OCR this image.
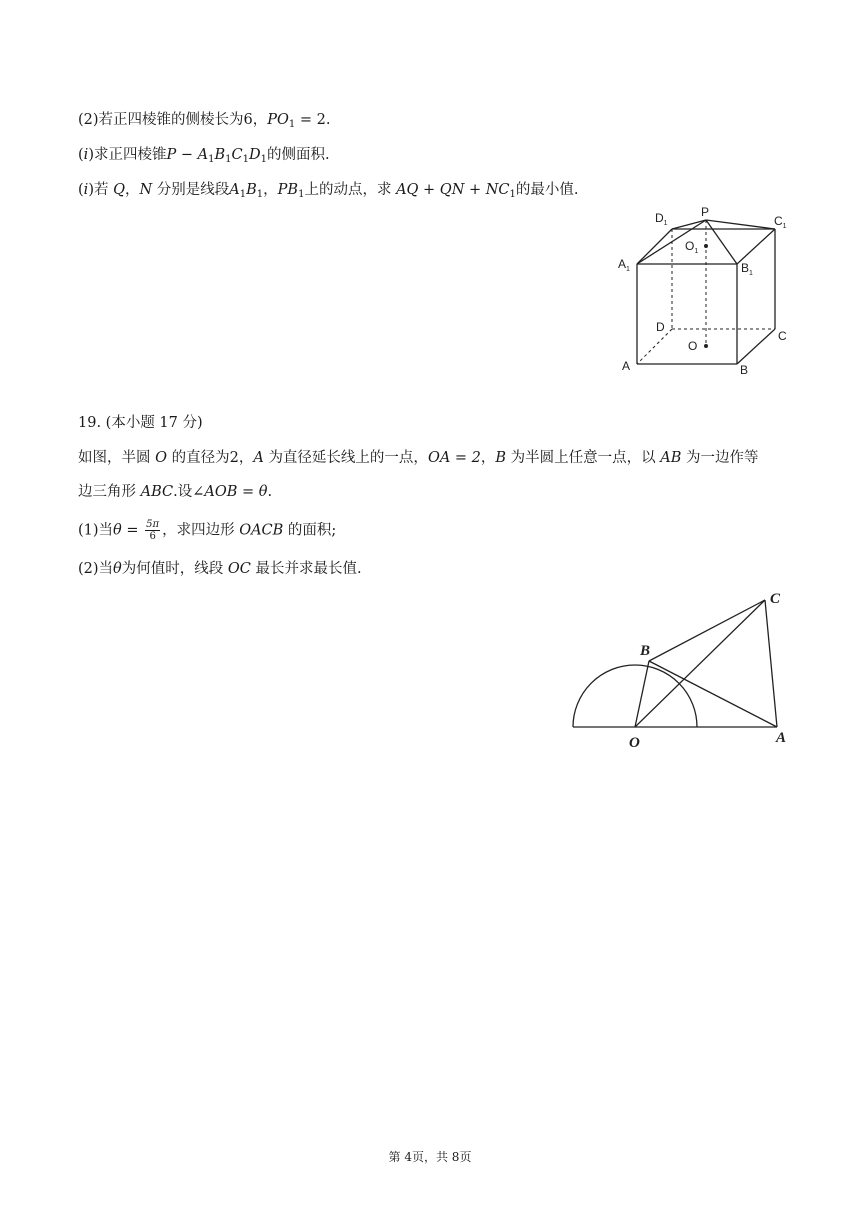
(2)若正四棱锥的侧棱长为6，$PO_1 = 2$.
(i)求正四棱锥$P - A_1B_1C_1D_1$的侧面积.
(i)若 Q，N 分别是线段$A_1B_1$，$PB_1$上的动点，求 AQ + QN + $NC_1$的最小值.
P
$D_1$	$C_1$
$O_1$
$A_1$	$B_1$
D
C
O
A	B
19. (本小题 17 分)
如图，半圆 O 的直径为2，A 为直径延长线上的一点，OA = 2，B 为半圆上任意一点，以 AB 为一边作等
边三角形 ABC.设∠AOB = θ.
(1)当$\theta = \frac{5\pi}{6}$ ，求四边形 OACB 的面积;
(2)当θ为何值时，线段 OC 最长并求最长值.
B
C
O	A
第 4页，共 8页
